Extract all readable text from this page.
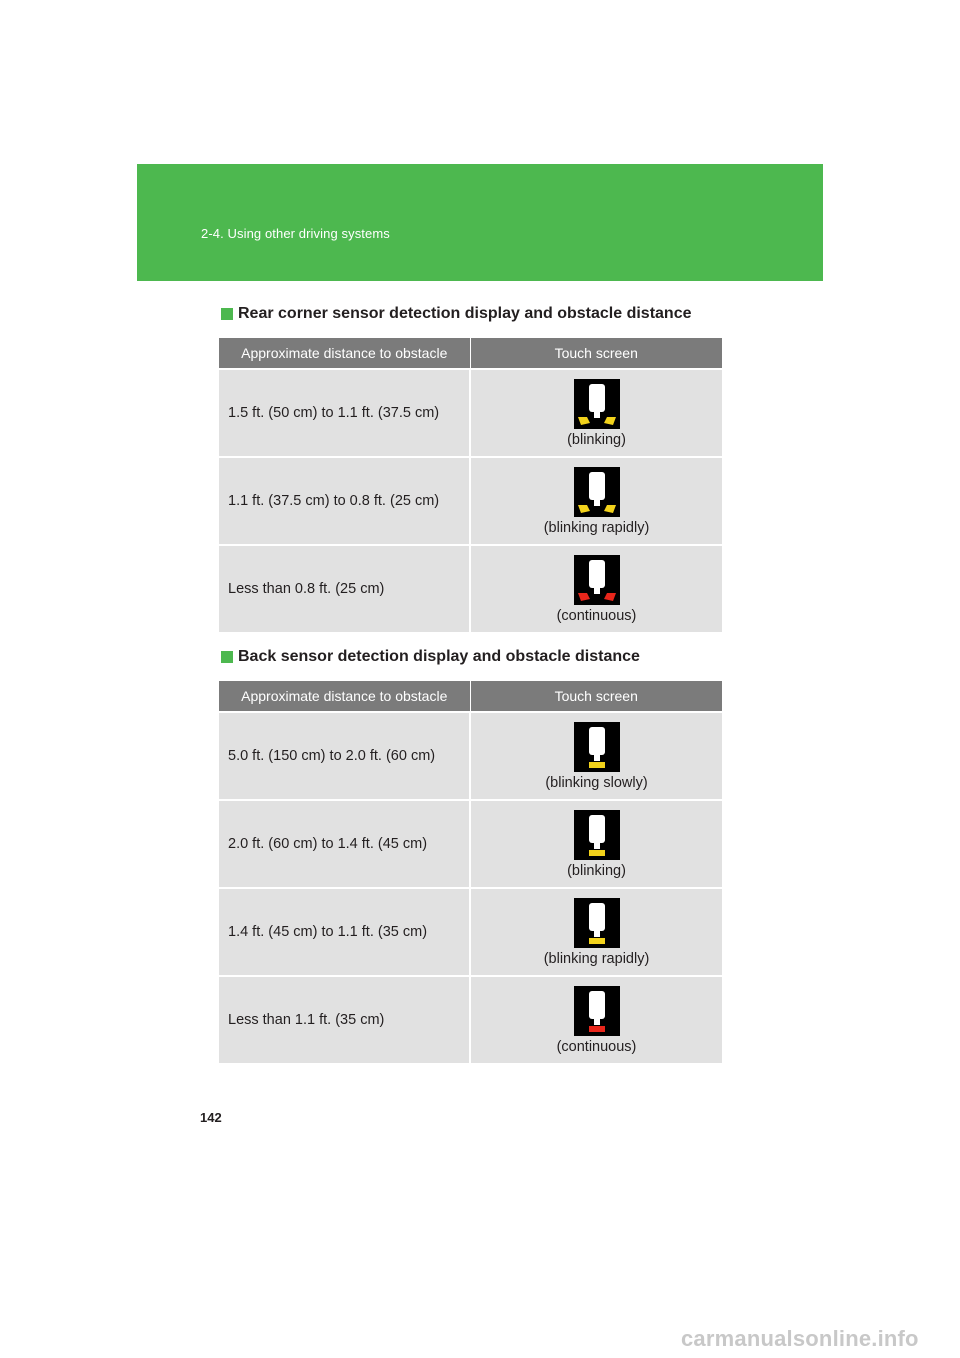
2-4. Using other driving systems
Rear corner sensor detection display and obstacle distance
Approximate distance to obstacle	Touch screen
1.5 ft. (50 cm) to 1.1 ft. (37.5 cm)	(blinking)

1.1 ft. (37.5 cm) to 0.8 ft. (25 cm)	(blinking rapidly)

Less than 0.8 ft. (25 cm)	(continuous)
Back sensor detection display and obstacle distance
Approximate distance to obstacle	Touch screen
5.0 ft. (150 cm) to 2.0 ft. (60 cm)	(blinking slowly)

2.0 ft. (60 cm) to 1.4 ft. (45 cm)	(blinking)

1.4 ft. (45 cm) to 1.1 ft. (35 cm)	(blinking rapidly)

Less than 1.1 ft. (35 cm)	(continuous)
142
carmanualsonline.info
